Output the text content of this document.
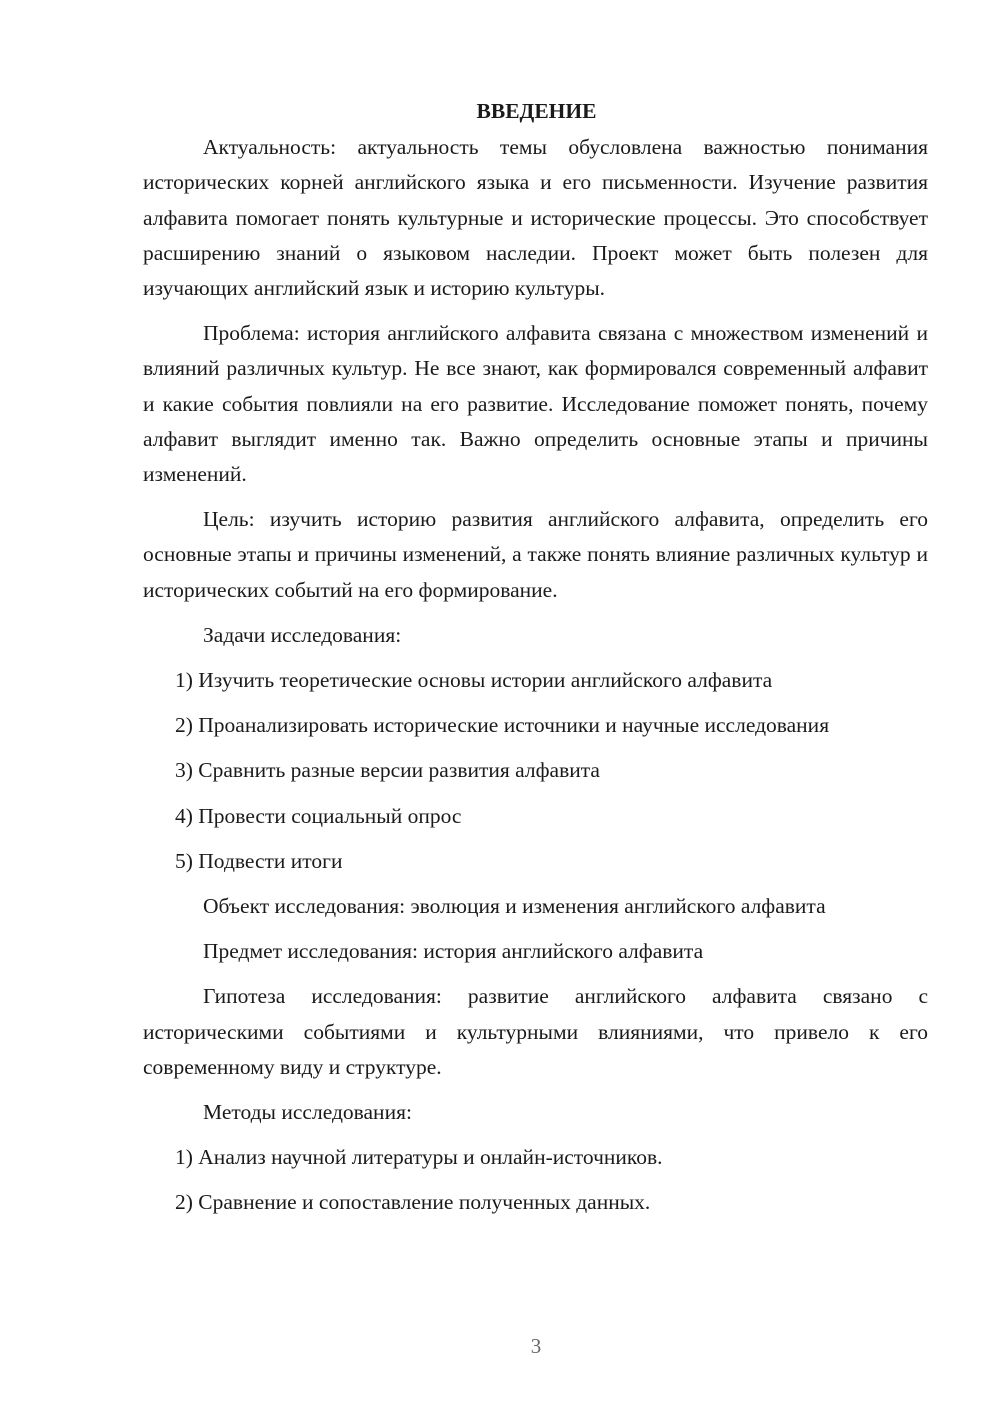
ВВЕДЕНИЕ

Актуальность: актуальность темы обусловлена важностью понимания исторических корней английского языка и его письменности. Изучение развития алфавита помогает понять культурные и исторические процессы. Это способствует расширению знаний о языковом наследии. Проект может быть полезен для изучающих английский язык и историю культуры.

Проблема: история английского алфавита связана с множеством изменений и влияний различных культур. Не все знают, как формировался современный алфавит и какие события повлияли на его развитие. Исследование поможет понять, почему алфавит выглядит именно так. Важно определить основные этапы и причины изменений.

Цель: изучить историю развития английского алфавита, определить его основные этапы и причины изменений, а также понять влияние различных культур и исторических событий на его формирование.

Задачи исследования:

1) Изучить теоретические основы истории английского алфавита

2) Проанализировать исторические источники и научные исследования

3) Сравнить разные версии развития алфавита

4) Провести социальный опрос

5) Подвести итоги

Объект исследования: эволюция и изменения английского алфавита

Предмет исследования: история английского алфавита

Гипотеза исследования: развитие английского алфавита связано с историческими событиями и культурными влияниями, что привело к его современному виду и структуре.

Методы исследования:

1) Анализ научной литературы и онлайн-источников.

2) Сравнение и сопоставление полученных данных.

3
